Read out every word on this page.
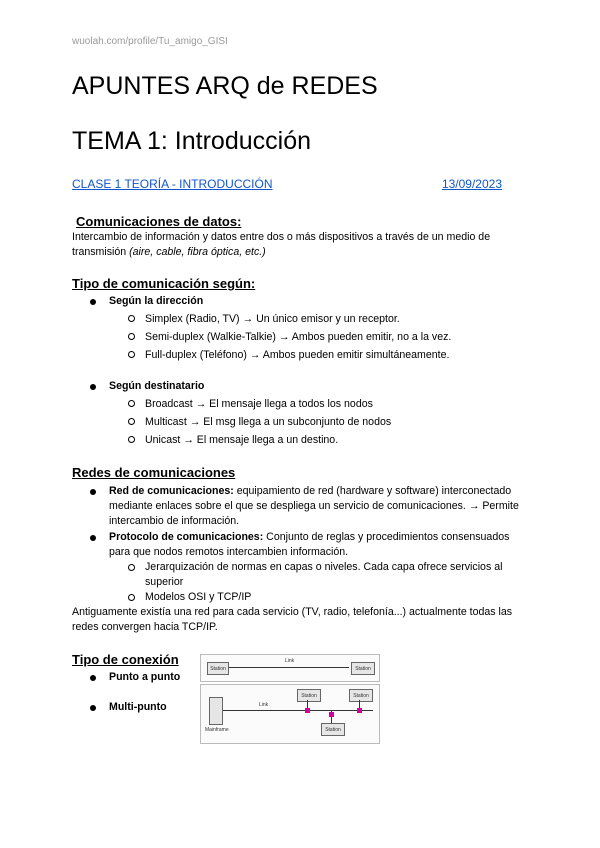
wuolah.com/profile/Tu_amigo_GISI
APUNTES ARQ de REDES
TEMA 1: Introducción
CLASE 1 TEORÍA - INTRODUCCIÓN	13/09/2023
Comunicaciones de datos:

Intercambio de información y datos entre dos o más dispositivos a través de un medio de transmisión (aire, cable, fibra óptica, etc.)

Tipo de comunicación según:

Según la dirección

Simplex (Radio, TV) → Un único emisor y un receptor.

Semi-duplex (Walkie-Talkie) → Ambos pueden emitir, no a la vez.

Full-duplex (Teléfono) → Ambos pueden emitir simultáneamente.

Según destinatario

Broadcast → El mensaje llega a todos los nodos

Multicast → El msg llega a un subconjunto de nodos

Unicast → El mensaje llega a un destino.

Redes de comunicaciones

Red de comunicaciones: equipamiento de red (hardware y software) interconectado mediante enlaces sobre el que se despliega un servicio de comunicaciones. → Permite intercambio de información.

Protocolo de comunicaciones: Conjunto de reglas y procedimientos consensuados para que nodos remotos intercambien información.

Jerarquización de normas en capas o niveles. Cada capa ofrece servicios al superior

Modelos OSI y TCP/IP

Antiguamente existía una red para cada servicio (TV, radio, telefonía...) actualmente todas las redes convergen hacia TCP/IP.

Tipo de conexión

Punto a punto

Multi-punto

Station
Link
Station
Mainframe
Link
Station	Station
Station
